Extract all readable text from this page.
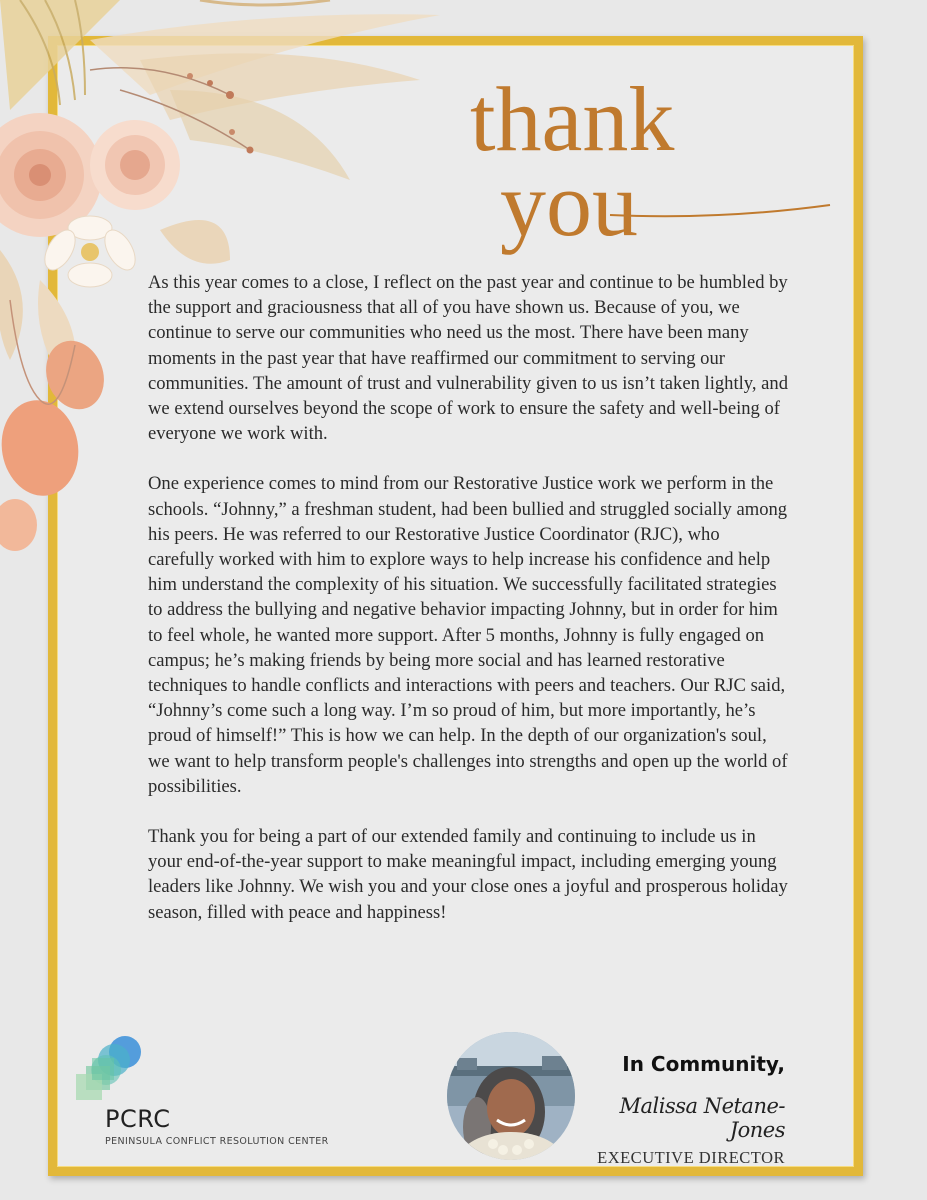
thank
you

As this year comes to a close, I reflect on the past year and continue to be humbled by the support and graciousness that all of you have shown us. Because of you, we continue to serve our communities who need us the most. There have been many moments in the past year that have reaffirmed our commitment to serving our communities. The amount of trust and vulnerability given to us isn’t taken lightly, and we extend ourselves beyond the scope of work to ensure the safety and well-being of everyone we work with.

One experience comes to mind from our Restorative Justice work we perform in the schools. “Johnny,” a freshman student, had been bullied and struggled socially among his peers. He was referred to our Restorative Justice Coordinator (RJC), who carefully worked with him to explore ways to help increase his confidence and help him understand the complexity of his situation. We successfully facilitated strategies to address the bullying and negative behavior impacting Johnny, but in order for him to feel whole, he wanted more support. After 5 months, Johnny is fully engaged on campus; he’s making friends by being more social and has learned restorative techniques to handle conflicts and interactions with peers and teachers. Our RJC said, “Johnny’s come such a long way. I’m so proud of him, but more importantly, he’s proud of himself!” This is how we can help. In the depth of our organization's soul, we want to help transform people's challenges into strengths and open up the world of possibilities.

Thank you for being a part of our extended family and continuing to include us in your end-of-the-year support to make meaningful impact, including emerging young leaders like Johnny. We wish you and your close ones a joyful and prosperous holiday season, filled with peace and happiness!

PCRC
PENINSULA CONFLICT RESOLUTION CENTER
In Community,
Malissa Netane-Jones
EXECUTIVE DIRECTOR
